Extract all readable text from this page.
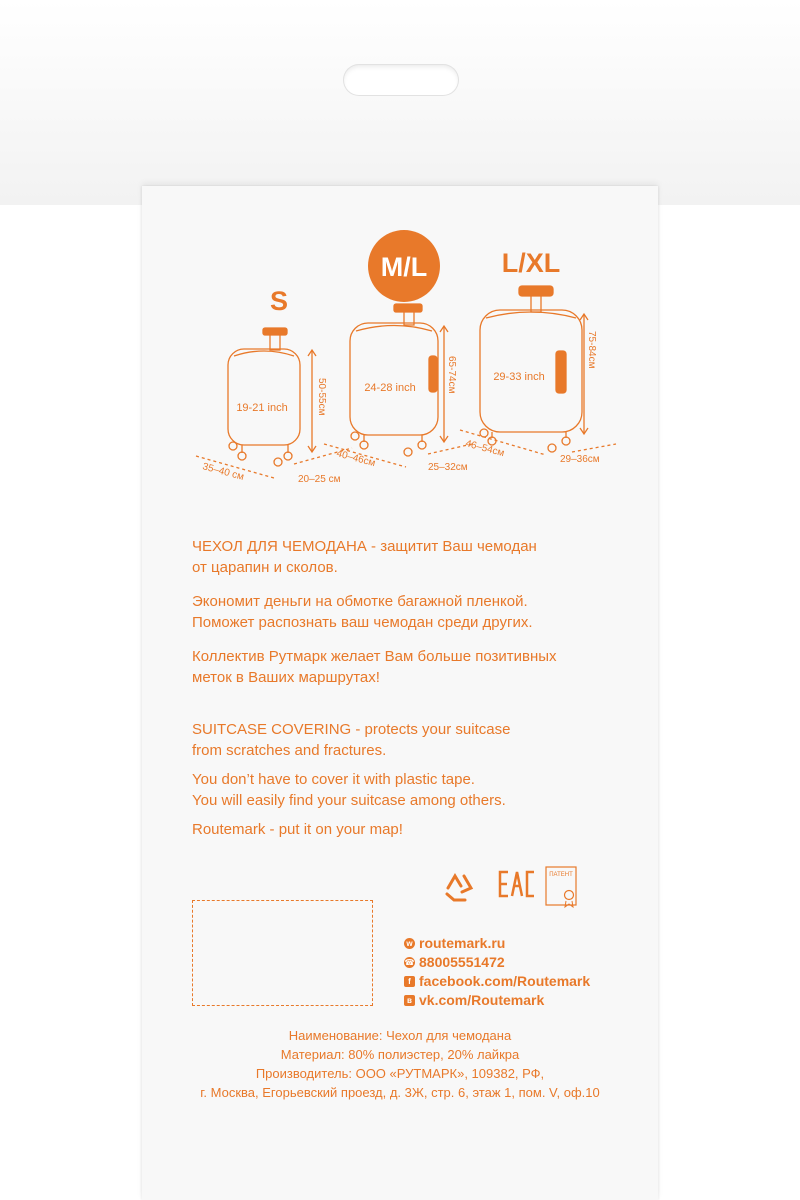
S
M/L	L/XL
19-21 inch
24-28 inch
29-33 inch
50-55см
65-74см
75-84см
35–40 см	20–25 см
40–46см	25–32см
46–54см
29–36см

ЧЕХОЛ ДЛЯ ЧЕМОДАНА - защитит Ваш чемодан

от царапин и сколов.

Экономит деньги на обмотке багажной пленкой.

Поможет распознать ваш чемодан среди других.

Коллектив Рутмарк желает Вам больше позитивных

меток в Ваших маршрутах!

SUITCASE COVERING - protects your suitcase

from scratches and fractures.

You don’t have to cover it with plastic tape.

You will easily find your suitcase among others.

Routemark - put it on your map!

ПАТЕНТ
w routemark.ru
☎ 88005551472
f facebook.com/Routemark
в vk.com/Routemark

Наименование: Чехол для чемодана

Материал: 80% полиэстер, 20% лайкра

Производитель: ООО «РУТМАРК», 109382, РФ,

г. Москва, Егорьевский проезд, д. 3Ж, стр. 6, этаж 1, пом. V, оф.10
